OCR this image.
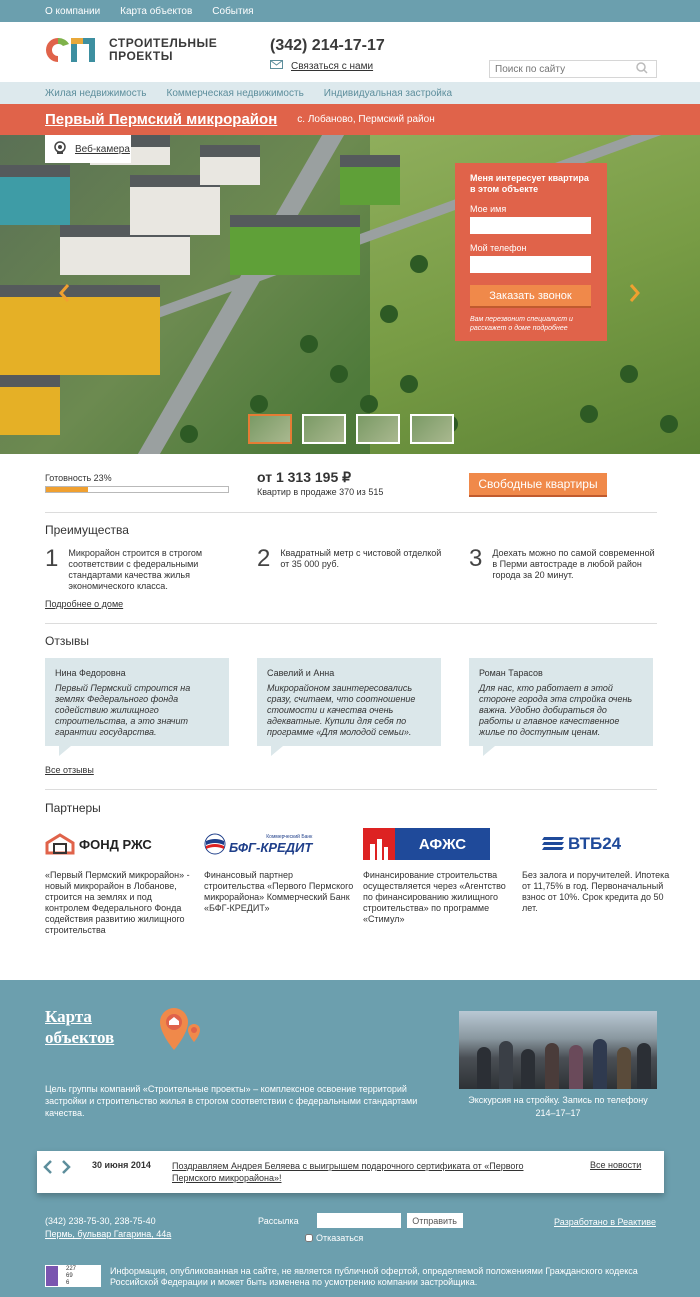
О компании Карта объектов События
СТРОИТЕЛЬНЫЕ
ПРОЕКТЫ
(342) 214-17-17
Связаться с нами
Поиск по сайту
Жилая недвижимость Коммерческая недвижимость Индивидуальная застройка
Первый Пермский микрорайон с. Лобаново, Пермский район
Веб-камера
Меня интересует квартира в этом объекте
Мое имя
Мой телефон
Заказать звонок
Вам перезвонит специалист и расскажет о доме подробнее
Готовность 23%	от 1 313 195 ₽
Квартир в продаже 370 из 515
Свободные квартиры
Преимущества
1 Микрорайон строится в строгом соответствии с федеральными стандартами качества жилья экономического класса.
2 Квадратный метр с чистовой отделкой от 35 000 руб.	3 Доехать можно по самой современной в Перми автостраде в любой район города за 20 минут.
Подробнее о доме
Отзывы
Нина Федоровна
Первый Пермский строится на землях Федерального фонда содействию жилищного строительства, а это значит гарантии государства.
Савелий и Анна
Микрорайоном заинтересовались сразу, считаем, что соотношение стоимости и качества очень адекватные. Купили для себя по программе «Для молодой семьи».
Роман Тарасов
Для нас, кто работает в этой стороне города эта стройка очень важна. Удобно добираться до работы и главное качественное жилье по доступным ценам.
Все отзывы
Партнеры
ФОНД РЖС
«Первый Пермский микрорайон» - новый микрорайон в Лобанове, строится на землях и под контролем Федерального Фонда содействия развитию жилищного строительства
Коммерческий Банк
БФГ-КРЕДИТ
Финансовый партнер строительства «Первого Пермского микрорайона» Коммерческий Банк «БФГ-КРЕДИТ»
АФЖС
Финансирование строительства осуществляется через «Агентство по финансированию жилищного строительства» по программе «Стимул»
ВТБ24
Без залога и поручителей. Ипотека от 11,75% в год. Первоначальный взнос от 10%. Срок кредита до 50 лет.
Карта
объектов
Цель группы компаний «Строительные проекты» – комплексное освоение территорий застройки и строительство жилья в строгом соответствии с федеральными стандартами качества.
Экскурсия на стройку. Запись по телефону
214–17–17
30 июня 2014 Поздравляем Андрея Беляева с выигрышем подарочного сертификата от «Первого Пермского микрорайона»!
Все новости
(342) 238-75-30, 238-75-40
Пермь, бульвар Гагарина, 44а
Рассылка	Отправить
Отказаться
Разработано в Реактиве
227
69
6
Информация, опубликованная на сайте, не является публичной офертой, определяемой положениями Гражданского кодекса Российской Федерации и может быть изменена по усмотрению компании застройщика.
